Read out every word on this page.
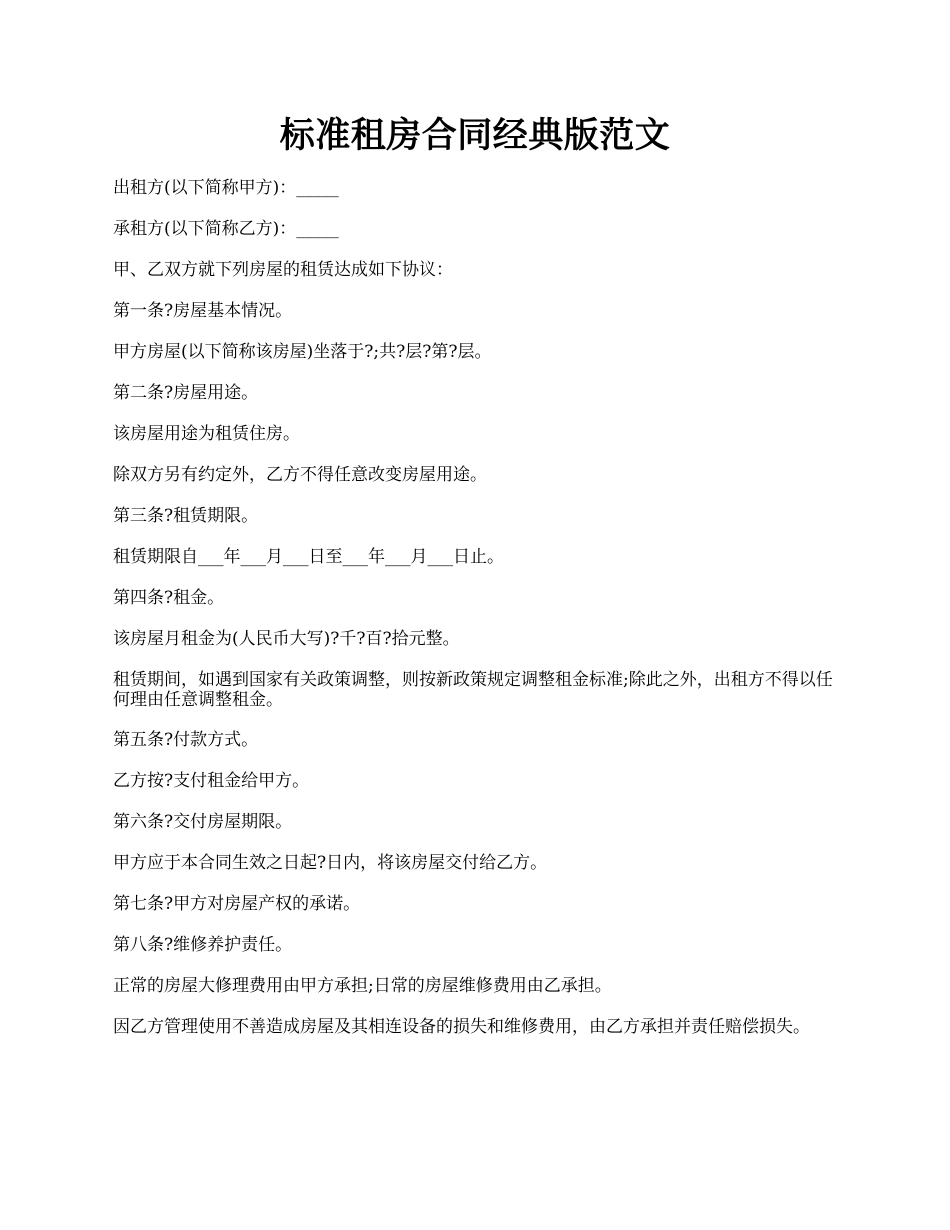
标准租房合同经典版范文

出租方(以下简称甲方)：_____

承租方(以下简称乙方)：_____

甲、乙双方就下列房屋的租赁达成如下协议：

第一条?房屋基本情况。

甲方房屋(以下简称该房屋)坐落于?;共?层?第?层。

第二条?房屋用途。

该房屋用途为租赁住房。

除双方另有约定外，乙方不得任意改变房屋用途。

第三条?租赁期限。

租赁期限自___年___月___日至___年___月___日止。

第四条?租金。

该房屋月租金为(人民币大写)?千?百?拾元整。

租赁期间，如遇到国家有关政策调整，则按新政策规定调整租金标准;除此之外，出租方不得以任何理由任意调整租金。

第五条?付款方式。

乙方按?支付租金给甲方。

第六条?交付房屋期限。

甲方应于本合同生效之日起?日内，将该房屋交付给乙方。

第七条?甲方对房屋产权的承诺。

第八条?维修养护责任。

正常的房屋大修理费用由甲方承担;日常的房屋维修费用由乙承担。

因乙方管理使用不善造成房屋及其相连设备的损失和维修费用，由乙方承担并责任赔偿损失。
